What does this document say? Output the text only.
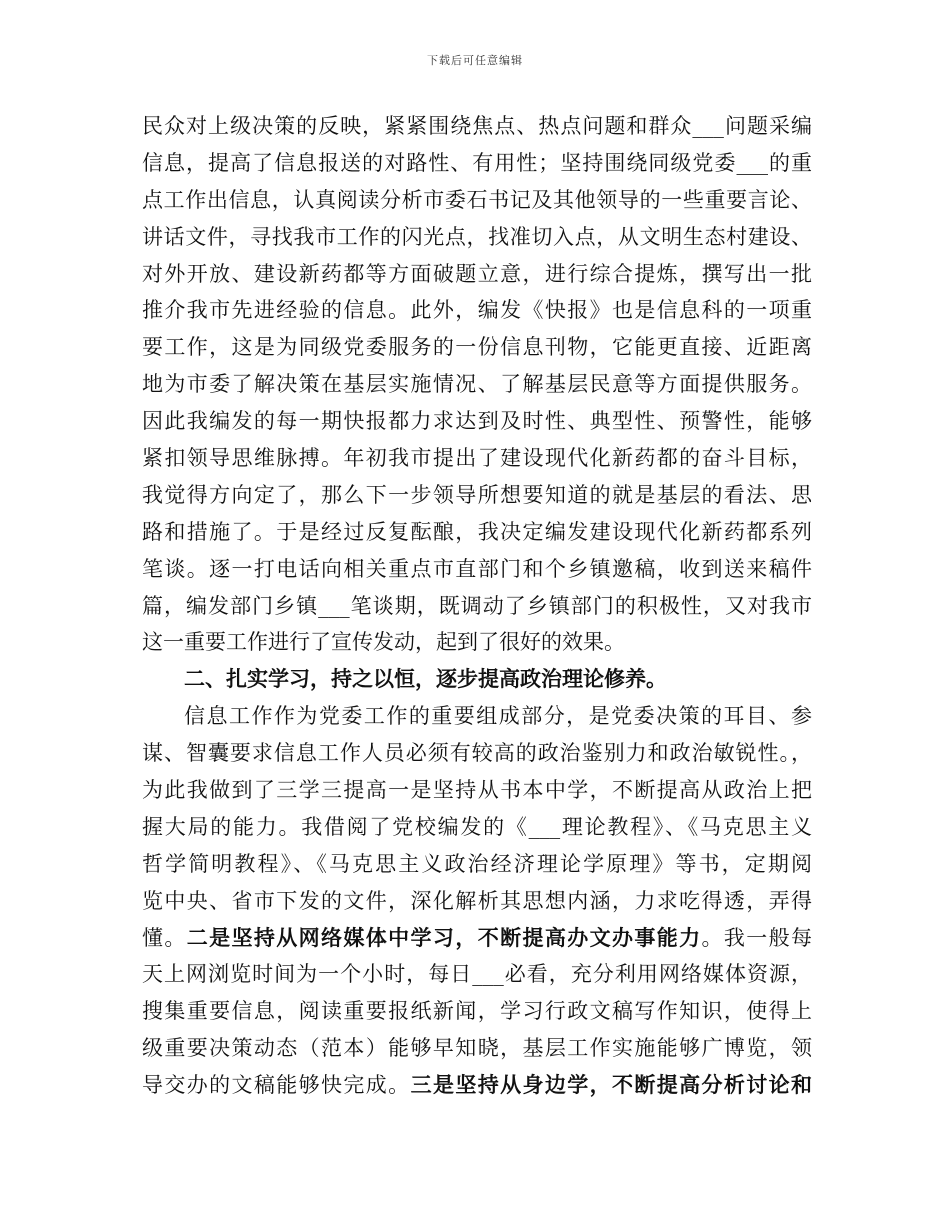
下载后可任意编辑
民众对上级决策的反映，紧紧围绕焦点、热点问题和群众___问题采编
信息，提高了信息报送的对路性、有用性；坚持围绕同级党委___的重
点工作出信息，认真阅读分析市委石书记及其他领导的一些重要言论、
讲话文件，寻找我市工作的闪光点，找准切入点，从文明生态村建设、
对外开放、建设新药都等方面破题立意，进行综合提炼，撰写出一批
推介我市先进经验的信息。此外，编发《快报》也是信息科的一项重
要工作，这是为同级党委服务的一份信息刊物，它能更直接、近距离
地为市委了解决策在基层实施情况、了解基层民意等方面提供服务。
因此我编发的每一期快报都力求达到及时性、典型性、预警性，能够
紧扣领导思维脉搏。年初我市提出了建设现代化新药都的奋斗目标，
我觉得方向定了，那么下一步领导所想要知道的就是基层的看法、思
路和措施了。于是经过反复酝酿，我决定编发建设现代化新药都系列
笔谈。逐一打电话向相关重点市直部门和个乡镇邀稿，收到送来稿件
篇，编发部门乡镇___笔谈期，既调动了乡镇部门的积极性，又对我市
这一重要工作进行了宣传发动，起到了很好的效果。
二、扎实学习，持之以恒，逐步提高政治理论修养。
信息工作作为党委工作的重要组成部分，是党委决策的耳目、参
谋、智囊要求信息工作人员必须有较高的政治鉴别力和政治敏锐性。，
为此我做到了三学三提高一是坚持从书本中学，不断提高从政治上把
握大局的能力。我借阅了党校编发的《___理论教程》、《马克思主义
哲学简明教程》、《马克思主义政治经济理论学原理》等书，定期阅
览中央、省市下发的文件，深化解析其思想内涵，力求吃得透，弄得
懂。二是坚持从网络媒体中学习，不断提高办文办事能力。我一般每
天上网浏览时间为一个小时，每日___必看，充分利用网络媒体资源，
搜集重要信息，阅读重要报纸新闻，学习行政文稿写作知识，使得上
级重要决策动态（范本）能够早知晓，基层工作实施能够广博览，领
导交办的文稿能够快完成。三是坚持从身边学，不断提高分析讨论和
